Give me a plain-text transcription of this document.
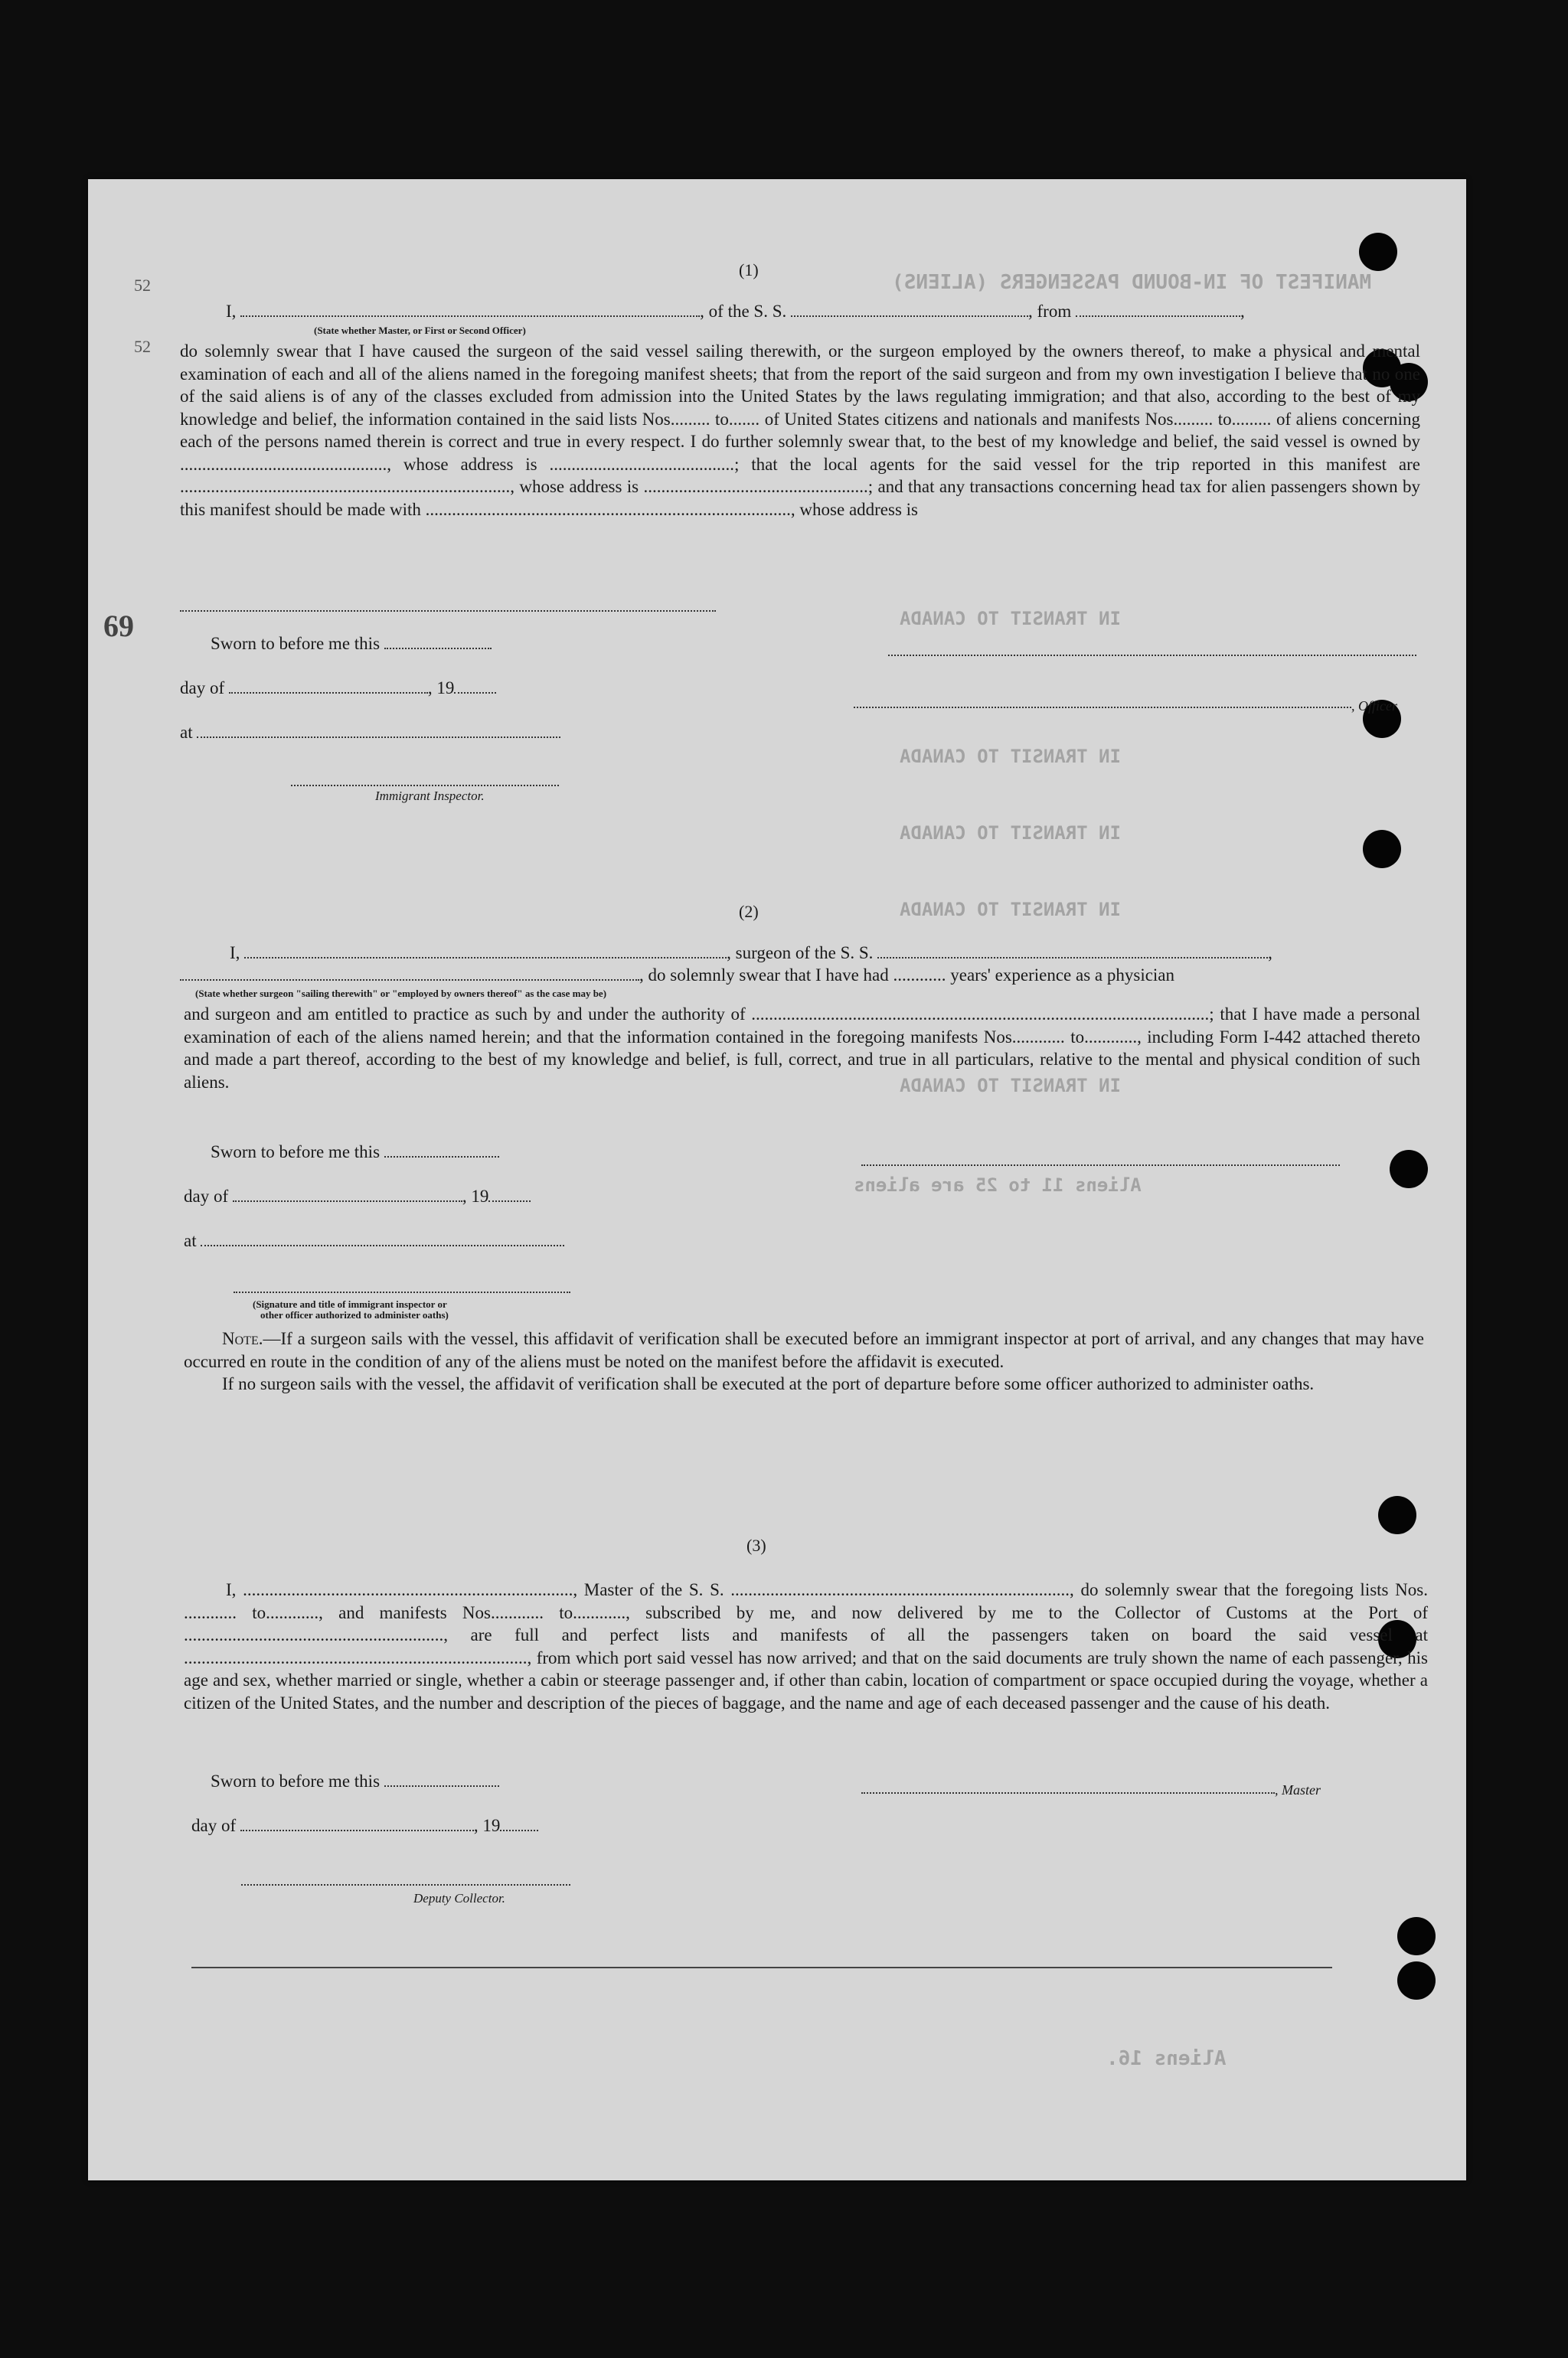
MANIFEST OF IN-BOUND PASSENGERS (ALIENS)
IN TRANSIT TO CANADA
IN TRANSIT TO CANADA
IN TRANSIT TO CANADA
IN TRANSIT TO CANADA
IN TRANSIT TO CANADA
Aliens 11 to 25 are aliens
Aliens 16.
52
52
69
(1)
I,	, of the S. S.	, from	,
(State whether Master, or First or Second Officer)

do solemnly swear that I have caused the surgeon of the said vessel sailing therewith, or the surgeon employed by the owners thereof, to make a physical and mental examination of each and all of the aliens named in the foregoing manifest sheets; that from the report of the said surgeon and from my own investigation I believe that no one of the said aliens is of any of the classes excluded from admission into the United States by the laws regulating immigration; and that also, according to the best of my knowledge and belief, the information contained in the said lists Nos......... to....... of United States citizens and nationals and manifests Nos......... to......... of aliens concerning each of the persons named therein is correct and true in every respect. I do further solemnly swear that, to the best of my knowledge and belief, the said vessel is owned by ..............................................., whose address is ..........................................; that the local agents for the said vessel for the trip reported in this manifest are ..........................................................................., whose address is ...................................................; and that any transactions concerning head tax for alien passengers shown by this manifest should be made with ..................................................................................., whose address is

Sworn to before me this
day of	, 19
, Officer
at
Immigrant Inspector.
(2)
I,	, surgeon of the S. S.	,
, do solemnly swear that I have had ............ years' experience as a physician
(State whether surgeon "sailing therewith" or "employed by owners thereof" as the case may be)

and surgeon and am entitled to practice as such by and under the authority of ........................................................................................................; that I have made a personal examination of each of the aliens named herein; and that the information contained in the foregoing manifests Nos............ to............, including Form I-442 attached thereto and made a part thereof, according to the best of my knowledge and belief, is full, correct, and true in all particulars, relative to the mental and physical condition of such aliens.

Sworn to before me this
day of	, 19
at
(Signature and title of immigrant inspector or
other officer authorized to administer oaths)

Note.—If a surgeon sails with the vessel, this affidavit of verification shall be executed before an immigrant inspector at port of arrival, and any changes that may have occurred en route in the condition of any of the aliens must be noted on the manifest before the affidavit is executed.

If no surgeon sails with the vessel, the affidavit of verification shall be executed at the port of departure before some officer authorized to administer oaths.

(3)

I, ..........................................................................., Master of the S. S. ............................................................................., do solemnly swear that the foregoing lists Nos. ............ to............, and manifests Nos............ to............, subscribed by me, and now delivered by me to the Collector of Customs at the Port of ..........................................................., are full and perfect lists and manifests of all the passengers taken on board the said vessel at .............................................................................., from which port said vessel has now arrived; and that on the said documents are truly shown the name of each passenger, his age and sex, whether married or single, whether a cabin or steerage passenger and, if other than cabin, location of compartment or space occupied during the voyage, whether a citizen of the United States, and the number and description of the pieces of baggage, and the name and age of each deceased passenger and the cause of his death.

Sworn to before me this	, Master
day of	, 19
Deputy Collector.
